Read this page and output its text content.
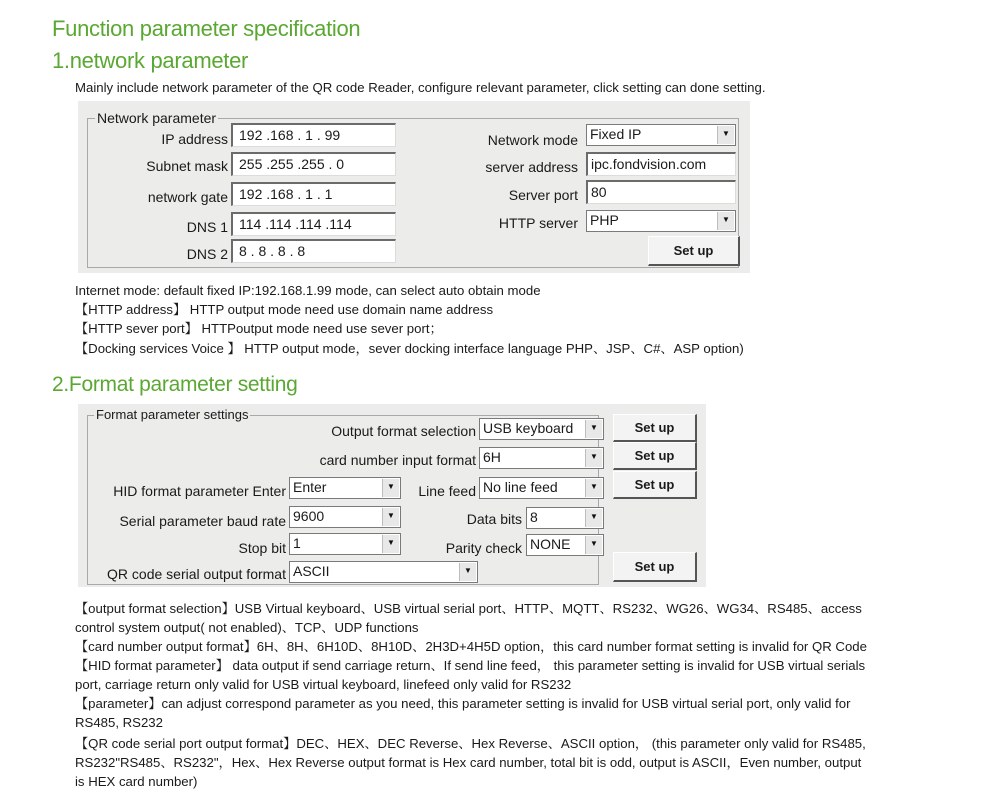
Function parameter specification
1.network parameter
Mainly include network parameter of the QR code Reader, configure relevant parameter, click setting can done setting.
Network parameter
IP address 192 .168 . 1 . 99
Subnet mask 255 .255 .255 . 0
network gate 192 .168 . 1 . 1
DNS 1 114 .114 .114 .114
DNS 2 8 . 8 . 8 . 8
Network mode Fixed IP	▼
server address ipc.fondvision.com
Server port 80
HTTP server PHP	▼
Set up
Internet mode: default fixed IP:192.168.1.99 mode, can select auto obtain mode
【HTTP address】 HTTP output mode need use domain name address
【HTTP sever port】 HTTPoutput mode need use sever port；
【Docking services Voice 】 HTTP output mode，sever docking interface language PHP、JSP、C#、ASP option)
2.Format parameter setting
Format parameter settings
Output format selection USB keyboard	▼
card number input format 6H	▼
HID format parameter Enter Enter	▼	Line feed No line feed	▼
Serial parameter baud rate 9600	▼	Data bits 8	▼
Stop bit 1	▼	Parity check NONE	▼
QR code serial output format ASCII	▼
Set up
Set up
Set up
Set up
【output format selection】USB Virtual keyboard、USB virtual serial port、HTTP、MQTT、RS232、WG26、WG34、RS485、access
control system output( not enabled)、TCP、UDP functions
【card number output format】6H、8H、6H10D、8H10D、2H3D+4H5D option，this card number format setting is invalid for QR Code
【HID format parameter】 data output if send carriage return、If send line feed， this parameter setting is invalid for USB virtual serials
port, carriage return only valid for USB virtual keyboard, linefeed only valid for RS232
【parameter】can adjust correspond parameter as you need, this parameter setting is invalid for USB virtual serial port, only valid for
RS485, RS232
【QR code serial port output format】DEC、HEX、DEC Reverse、Hex Reverse、ASCII option， (this parameter only valid for RS485,
RS232"RS485、RS232"，Hex、Hex Reverse output format is Hex card number, total bit is odd, output is ASCII，Even number, output
is HEX card number)
